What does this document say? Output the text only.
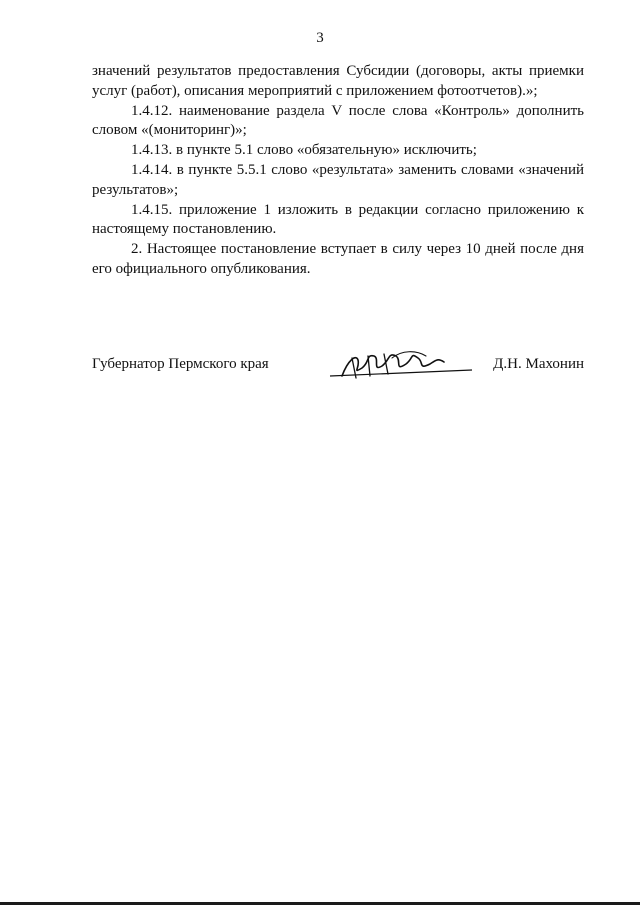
3

значений результатов предоставления Субсидии (договоры, акты приемки услуг (работ), описания мероприятий с приложением фотоотчетов).»;

1.4.12. наименование раздела V после слова «Контроль» дополнить словом «(мониторинг)»;

1.4.13. в пункте 5.1 слово «обязательную» исключить;

1.4.14. в пункте 5.5.1 слово «результата» заменить словами «значений результатов»;

1.4.15. приложение 1 изложить в редакции согласно приложению к настоящему постановлению.

2. Настоящее постановление вступает в силу через 10 дней после дня его официального опубликования.

Губернатор Пермского края	Д.Н. Махонин
